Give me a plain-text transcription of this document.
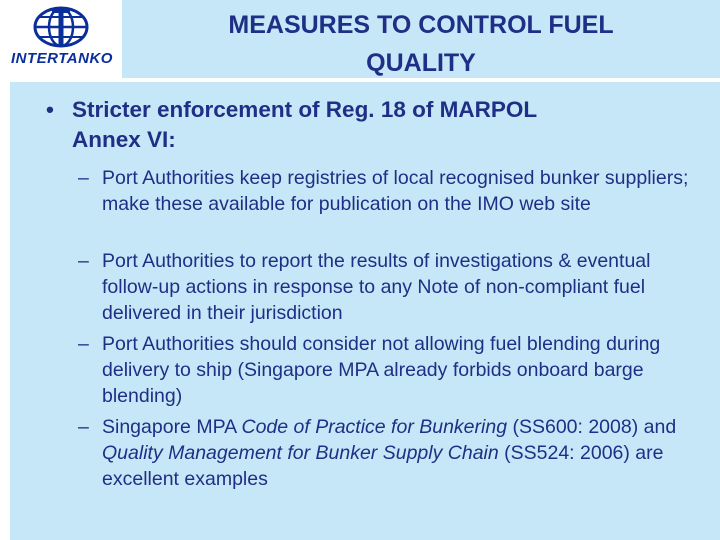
INTERTANKO
MEASURES TO CONTROL FUEL
QUALITY
• Stricter enforcement of Reg. 18 of MARPOL
Annex VI:
– Port Authorities keep registries of local recognised bunker suppliers; make these available for publication on the IMO web site
– Port Authorities to report the results of investigations & eventual follow-up actions in response to any Note of non-compliant fuel delivered in their jurisdiction
– Port Authorities should consider not allowing fuel blending during delivery to ship (Singapore MPA already forbids onboard barge blending)
– Singapore MPA Code of Practice for Bunkering (SS600: 2008) and Quality Management for Bunker Supply Chain (SS524: 2006) are excellent examples
